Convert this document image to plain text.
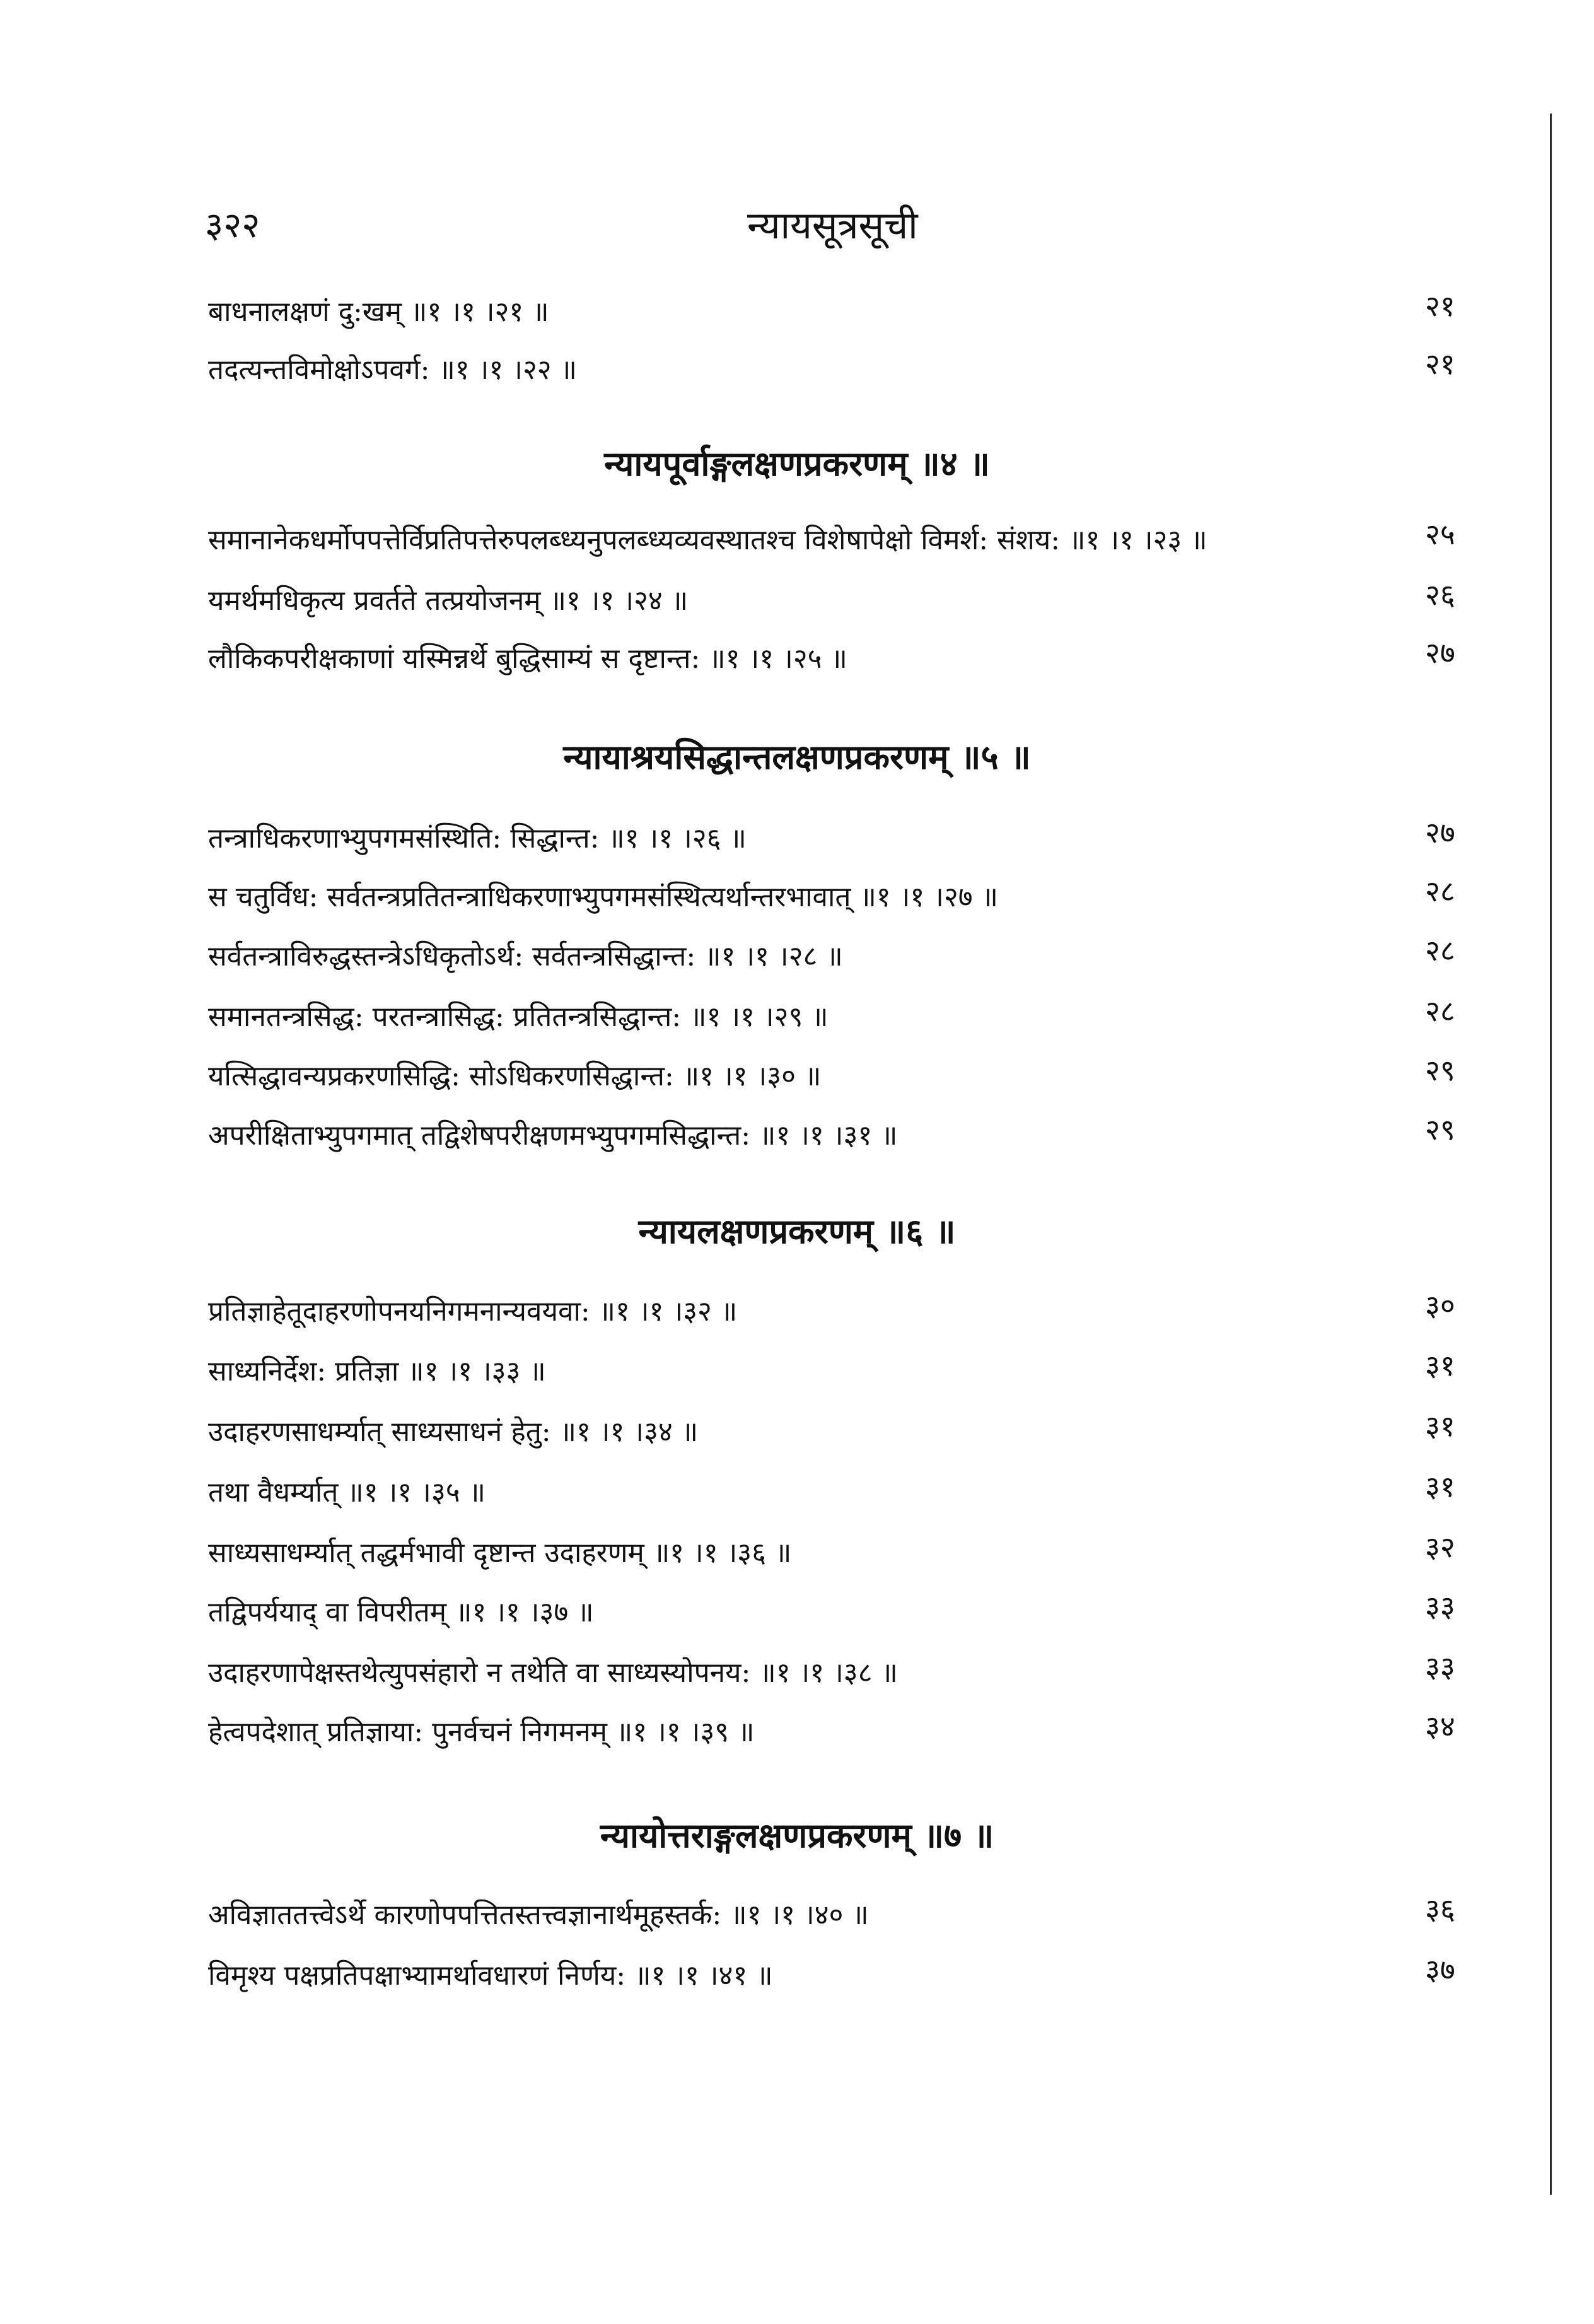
३२२	न्यायसूत्रसूची
बाधनालक्षणं दु:खम् ॥१ ।१ ।२१ ॥	२१
तदत्यन्तविमोक्षोऽपवर्ग: ॥१ ।१ ।२२ ॥	२१
न्यायपूर्वाङ्गलक्षणप्रकरणम् ॥४ ॥
समानानेकधर्मोपपत्तेर्विप्रतिपत्तेरुपलब्ध्यनुपलब्ध्यव्यवस्थातश्च विशेषापेक्षो विमर्श: संशय: ॥१ ।१ ।२३ ॥	२५
यमर्थमधिकृत्य प्रवर्तते तत्प्रयोजनम् ॥१ ।१ ।२४ ॥	२६
लौकिकपरीक्षकाणां यस्मिन्नर्थे बुद्धिसाम्यं स दृष्टान्त: ॥१ ।१ ।२५ ॥	२७
न्यायाश्रयसिद्धान्तलक्षणप्रकरणम् ॥५ ॥
तन्त्राधिकरणाभ्युपगमसंस्थिति: सिद्धान्त: ॥१ ।१ ।२६ ॥	२७
स चतुर्विध: सर्वतन्त्रप्रतितन्त्राधिकरणाभ्युपगमसंस्थित्यर्थान्तरभावात् ॥१ ।१ ।२७ ॥	२८
सर्वतन्त्राविरुद्धस्तन्त्रेऽधिकृतोऽर्थ: सर्वतन्त्रसिद्धान्त: ॥१ ।१ ।२८ ॥	२८
समानतन्त्रसिद्ध: परतन्त्रासिद्ध: प्रतितन्त्रसिद्धान्त: ॥१ ।१ ।२९ ॥	२८
यत्सिद्धावन्यप्रकरणसिद्धि: सोऽधिकरणसिद्धान्त: ॥१ ।१ ।३० ॥	२९
अपरीक्षिताभ्युपगमात् तद्विशेषपरीक्षणमभ्युपगमसिद्धान्त: ॥१ ।१ ।३१ ॥	२९
न्यायलक्षणप्रकरणम् ॥६ ॥
प्रतिज्ञाहेतूदाहरणोपनयनिगमनान्यवयवा: ॥१ ।१ ।३२ ॥	३०
साध्यनिर्देश: प्रतिज्ञा ॥१ ।१ ।३३ ॥	३१
उदाहरणसाधर्म्यात् साध्यसाधनं हेतु: ॥१ ।१ ।३४ ॥	३१
तथा वैधर्म्यात् ॥१ ।१ ।३५ ॥	३१
साध्यसाधर्म्यात् तद्धर्मभावी दृष्टान्त उदाहरणम् ॥१ ।१ ।३६ ॥	३२
तद्विपर्ययाद् वा विपरीतम् ॥१ ।१ ।३७ ॥	३३
उदाहरणापेक्षस्तथेत्युपसंहारो न तथेति वा साध्यस्योपनय: ॥१ ।१ ।३८ ॥	३३
हेत्वपदेशात् प्रतिज्ञाया: पुनर्वचनं निगमनम् ॥१ ।१ ।३९ ॥	३४
न्यायोत्तराङ्गलक्षणप्रकरणम् ॥७ ॥
अविज्ञाततत्त्वेऽर्थे कारणोपपत्तितस्तत्त्वज्ञानार्थमूहस्तर्क: ॥१ ।१ ।४० ॥	३६
विमृश्य पक्षप्रतिपक्षाभ्यामर्थावधारणं निर्णय: ॥१ ।१ ।४१ ॥	३७
